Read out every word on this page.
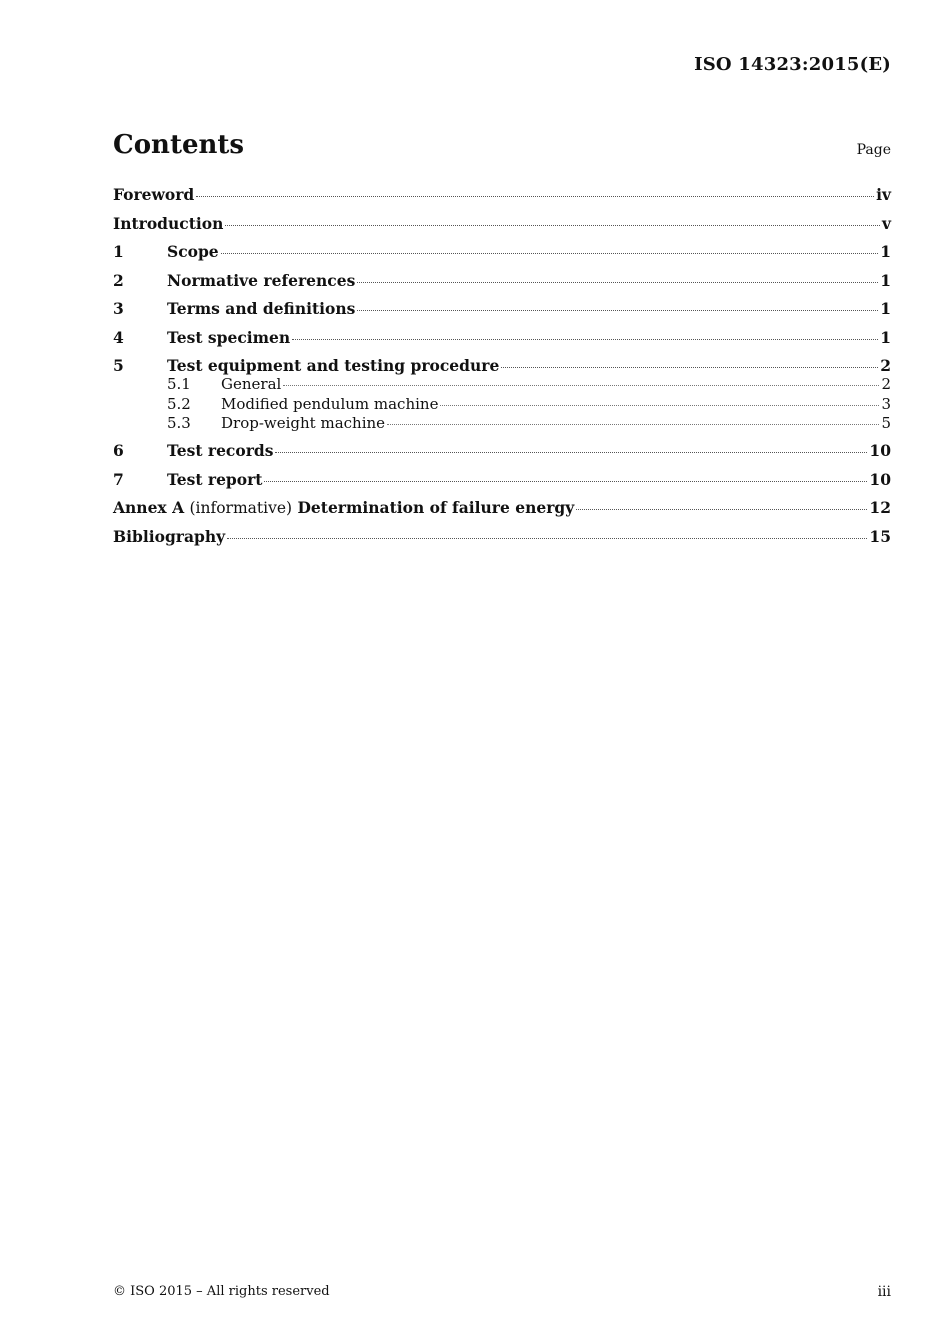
ISO 14323:2015(E)
Contents	Page
Foreword	iv
Introduction	v
1	Scope	1
2	Normative references	1
3	Terms and definitions	1
4	Test specimen	1
5	Test equipment and testing procedure	2
5.1	General	2
5.2	Modified pendulum machine	3
5.3	Drop-weight machine	5
6	Test records	10
7	Test report	10
Annex A (informative) Determination of failure energy	12
Bibliography	15
© ISO 2015 – All rights reserved	iii
